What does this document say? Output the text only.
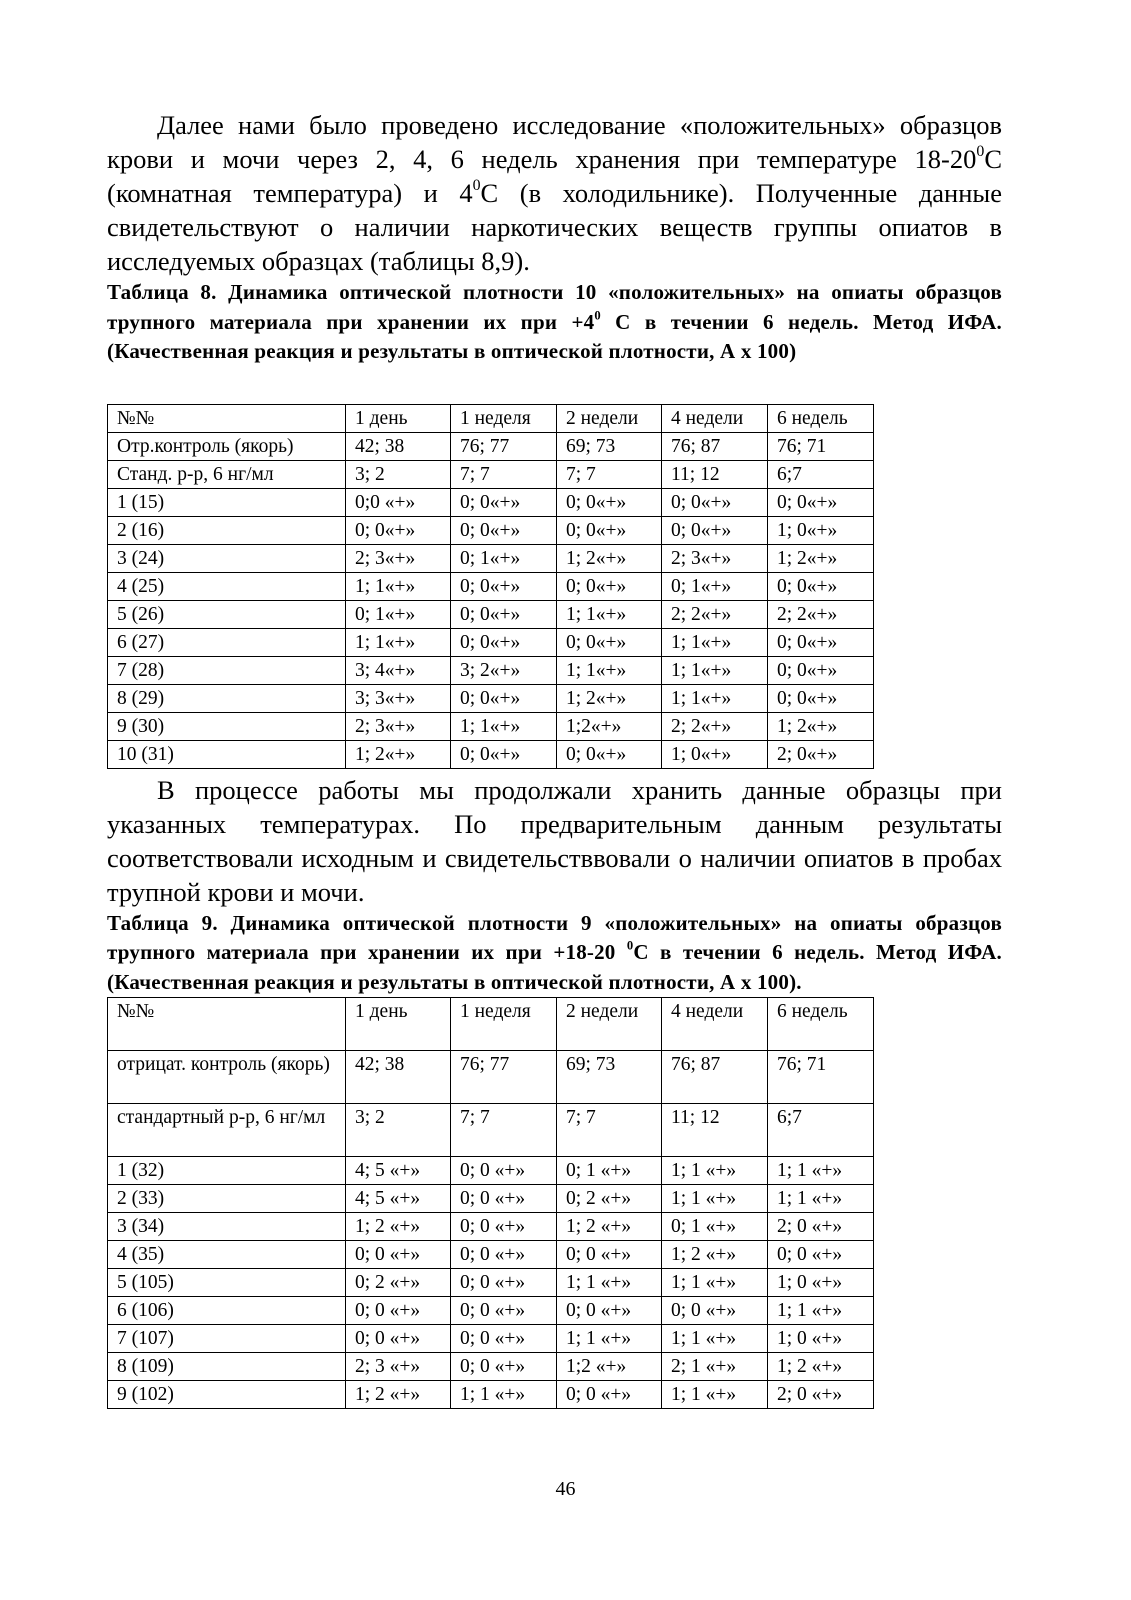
Далее нами было проведено исследование «положительных» образцов крови и мочи через 2, 4, 6 недель хранения при температуре $18-20^0С$ (комнатная температура) и $4^0С$ (в холодильнике). Полученные данные свидетельствуют о наличии наркотических веществ группы опиатов в исследуемых образцах (таблицы 8,9).

Таблица 8. Динамика оптической плотности 10 «положительных» на опиаты образцов трупного материала при хранении их при $+4^0$ С в течении 6 недель. Метод ИФА. (Качественная реакция и результаты в оптической плотности, А х 100)

№№	1 день	1 неделя	2 недели	4 недели	6 недель
Отр.контроль (якорь)	42; 38	76; 77	69; 73	76; 87	76; 71
Станд. р-р, 6 нг/мл	3; 2	7; 7	7; 7	11; 12	6;7
1 (15)	0;0 «+»	0; 0«+»	0; 0«+»	0; 0«+»	0; 0«+»
2 (16)	0; 0«+»	0; 0«+»	0; 0«+»	0; 0«+»	1; 0«+»
3 (24)	2; 3«+»	0; 1«+»	1; 2«+»	2; 3«+»	1; 2«+»
4 (25)	1; 1«+»	0; 0«+»	0; 0«+»	0; 1«+»	0; 0«+»
5 (26)	0; 1«+»	0; 0«+»	1; 1«+»	2; 2«+»	2; 2«+»
6 (27)	1; 1«+»	0; 0«+»	0; 0«+»	1; 1«+»	0; 0«+»
7 (28)	3; 4«+»	3; 2«+»	1; 1«+»	1; 1«+»	0; 0«+»
8 (29)	3; 3«+»	0; 0«+»	1; 2«+»	1; 1«+»	0; 0«+»
9 (30)	2; 3«+»	1; 1«+»	1;2«+»	2; 2«+»	1; 2«+»
10 (31)	1; 2«+»	0; 0«+»	0; 0«+»	1; 0«+»	2; 0«+»

В процессе работы мы продолжали хранить данные образцы при указанных температурах. По предварительным данным результаты соответствовали исходным и свидетельстввовали о наличии опиатов в пробах трупной крови и мочи.

Таблица 9. Динамика оптической плотности 9 «положительных» на опиаты образцов трупного материала при хранении их при +18-20 $^0$С в течении 6 недель. Метод ИФА. (Качественная реакция и результаты в оптической плотности, А х 100).

№№	1 день	1 неделя	2 недели	4 недели	6 недель
отрицат. контроль (якорь)	42; 38	76; 77	69; 73	76; 87	76; 71
стандартный р-р, 6 нг/мл	3; 2	7; 7	7; 7	11; 12	6;7
1 (32)	4; 5 «+»	0; 0 «+»	0; 1 «+»	1; 1 «+»	1; 1 «+»
2 (33)	4; 5 «+»	0; 0 «+»	0; 2 «+»	1; 1 «+»	1; 1 «+»
3 (34)	1; 2 «+»	0; 0 «+»	1; 2 «+»	0; 1 «+»	2; 0 «+»
4 (35)	0; 0 «+»	0; 0 «+»	0; 0 «+»	1; 2 «+»	0; 0 «+»
5 (105)	0; 2 «+»	0; 0 «+»	1; 1 «+»	1; 1 «+»	1; 0 «+»
6 (106)	0; 0 «+»	0; 0 «+»	0; 0 «+»	0; 0 «+»	1; 1 «+»
7 (107)	0; 0 «+»	0; 0 «+»	1; 1 «+»	1; 1 «+»	1; 0 «+»
8 (109)	2; 3 «+»	0; 0 «+»	1;2 «+»	2; 1 «+»	1; 2 «+»
9 (102)	1; 2 «+»	1; 1 «+»	0; 0 «+»	1; 1 «+»	2; 0 «+»
46
